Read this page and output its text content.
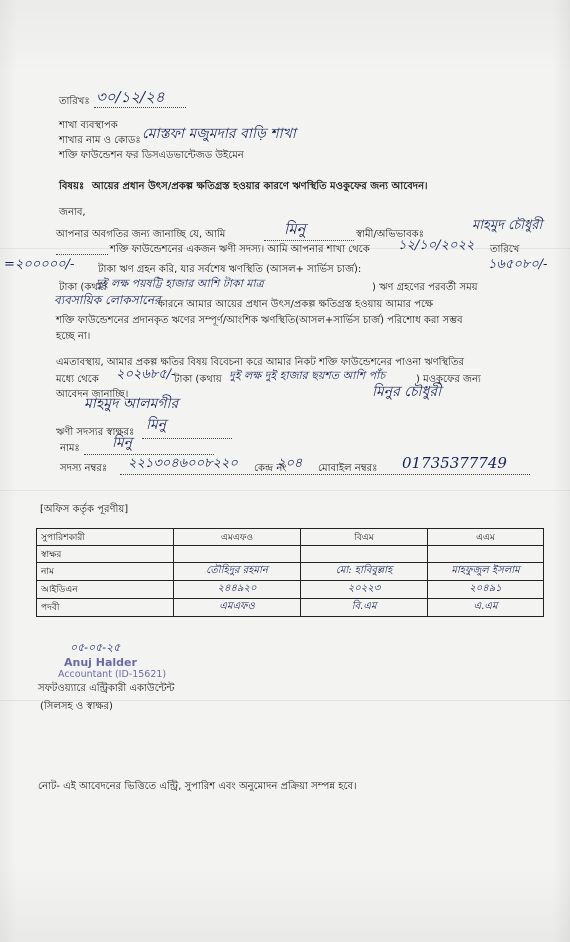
তারিখঃ ৩০/১২/২৪
শাখা ব্যবস্থাপক
শাখার নাম ও কোডঃ মোস্তফা মজুমদার বাড়ি শাখা
শক্তি ফাউন্ডেশন ফর ডিসএডভান্টেজড উইমেন
বিষয়ঃ আয়ের প্রধান উৎস/প্রকল্প ক্ষতিগ্রস্ত হওয়ার কারণে ঋণস্থিতি মওকুফের জন্য আবেদন।
জনাব,
আপনার অবগতির জন্য জানাচ্ছি যে, আমি	মিনু	স্বামী/অভিভাবকঃ
মাহমুদ চৌধুরী
শক্তি ফাউন্ডেশনের একজন ঋণী সদস্য। আমি আপনার শাখা থেকে ১২/১০/২০২২ তারিখে
=২০০০০০/- টাকা ঋণ গ্রহন করি, যার সর্বশেষ ঋণস্থিতি (আসল+ সার্ভিস চার্জ):	১৬৫০৮০/-
টাকা (কথায়
দুই লক্ষ পয়ষট্টি হাজার আশি টাকা মাত্র	) ঋণ গ্রহণের পরবর্তী সময়
ব্যবসায়িক লোকসানের
কারনে আমার আয়ের প্রধান উৎস/প্রকল্প ক্ষতিগ্রস্ত হওয়ায় আমার পক্ষে
শক্তি ফাউন্ডেশনের প্রদানকৃত ঋণের সম্পূর্ণ/আংশিক ঋণস্থিতি(আসল+সার্ভিস চার্জ) পরিশোধ করা সম্ভব
হচ্ছে না।
এমতাবস্থায়, আমার প্রকল্প ক্ষতির বিষয় বিবেচনা করে আমার নিকট শক্তি ফাউন্ডেশনের পাওনা ঋণস্থিতির
মধ্যে থেকে ২০২৬৮৫/-
টাকা (কথায় দুই লক্ষ দুই হাজার ছয়শত আশি পাঁচ	) মওকুফের জন্য
আবেদন জানাচ্ছি।
মাহমুদ আলমগীর
মিনুর চৌধুরী
ঋণী সদস্যর স্বাক্ষরঃ মিনু
নামঃ মিনু
সদস্য নম্বরঃ ২২১৩০৪৬০০৮২২০ কেন্দ্র নং
২০৪ মোবাইল নম্বরঃ 01735377749
[অফিস কর্তৃক পূরণীয়]
সুপারিশকারী	এমএফও	বিএম	এএম
স্বাক্ষর			
নাম	তৌহিদুর রহমান	মো: হাবিবুল্লাহ	মাহফুজুল ইসলাম
আইডিএন	২৪৪৯২০	২০২২৩	২০৪৯১
পদবী	এমএফও	বি.এম	এ.এম
০৫-০৫-২৫
Anuj Halder
Accountant (ID-15621)
সফটওয়্যারে এন্ট্রিকারী একাউন্টেন্ট
(সিলসহ ও স্বাক্ষর)
নোট- এই আবেদনের ভিত্তিতে এন্ট্রি, সুপারিশ এবং অনুমোদন প্রক্রিয়া সম্পন্ন হবে।
